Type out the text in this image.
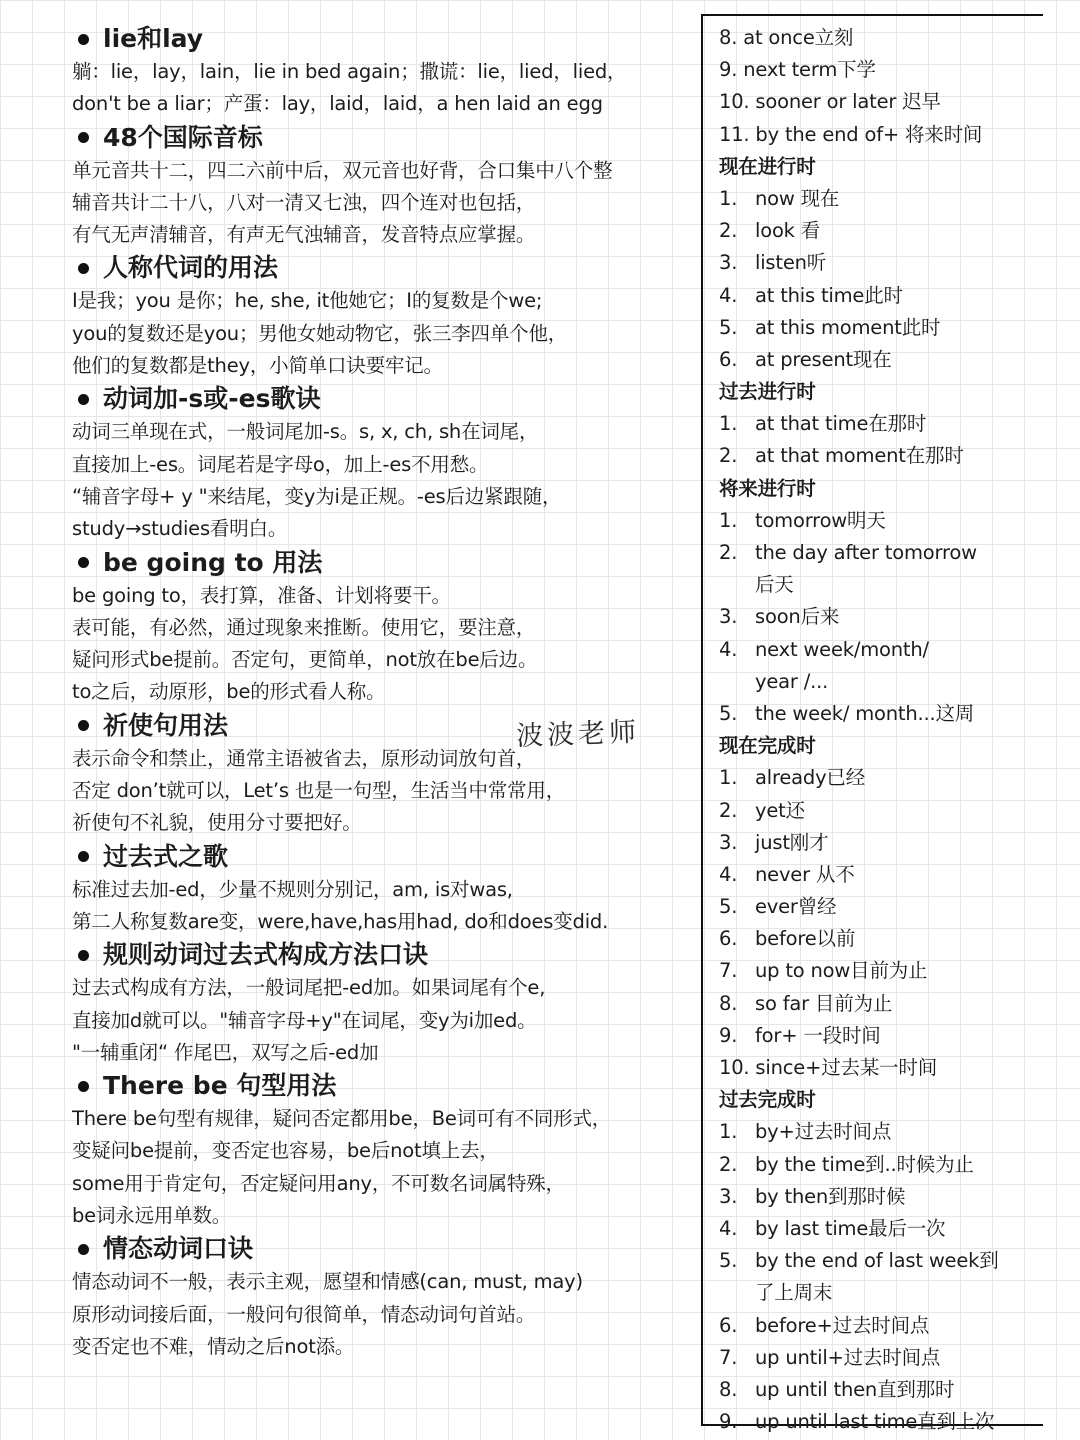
lie和lay
躺：lie，lay，lain，lie in bed again；撒谎：lie，lied，lied，
don't be a liar；产蛋：lay，laid，laid，a hen laid an egg
48个国际音标
单元音共十二，四二六前中后，双元音也好背，合口集中八个整
辅音共计二十八，八对一清又七浊，四个连对也包括，
有气无声清辅音，有声无气浊辅音，发音特点应掌握。
人称代词的用法
I是我；you 是你；he, she, it他她它；I的复数是个we;
you的复数还是you；男他女她动物它，张三李四单个他，
他们的复数都是they，小简单口诀要牢记。
动词加-s或-es歌诀
动词三单现在式，一般词尾加-s。s, x, ch, sh在词尾，
直接加上-es。词尾若是字母o，加上-es不用愁。
“辅音字母+ y "来结尾，变y为i是正规。-es后边紧跟随，
study→studies看明白。
be going to 用法
be going to，表打算，准备、计划将要干。
表可能，有必然，通过现象来推断。使用它，要注意，
疑问形式be提前。否定句，更简单，not放在be后边。
to之后，动原形，be的形式看人称。
祈使句用法
表示命令和禁止，通常主语被省去，原形动词放句首，
否定 don’t就可以，Let’s 也是一句型，生活当中常常用，
祈使句不礼貌，使用分寸要把好。
过去式之歌
标准过去加-ed，少量不规则分别记，am, is对was,
第二人称复数are变，were,have,has用had, do和does变did.
规则动词过去式构成方法口诀
过去式构成有方法，一般词尾把-ed加。如果词尾有个e,
直接加d就可以。"辅音字母+y"在词尾，变y为i加ed。
"一辅重闭“ 作尾巴，双写之后-ed加
There be 句型用法
There be句型有规律，疑问否定都用be，Be词可有不同形式，
变疑问be提前，变否定也容易，be后not填上去，
some用于肯定句，否定疑问用any，不可数名词属特殊，
be词永远用单数。
情态动词口诀
情态动词不一般，表示主观，愿望和情感(can, must, may)
原形动词接后面，一般问句很简单，情态动词句首站。
变否定也不难，情动之后not添。
波波老师
8. at once立刻
9. next term下学
10. sooner or later 迟早
11. by the end of+ 将来时间
现在进行时
1. now 现在
2. look 看
3. listen听
4. at this time此时
5. at this moment此时
6. at present现在
过去进行时
1. at that time在那时
2. at that moment在那时
将来进行时
1. tomorrow明天
2. the day after tomorrow
后天
3. soon后来
4. next week/month/
year /...
5. the week/ month...这周
现在完成时
1. already已经
2. yet还
3. just刚才
4. never 从不
5. ever曾经
6. before以前
7. up to now目前为止
8. so far 目前为止
9. for+ 一段时间
10. since+过去某一时间
过去完成时
1. by+过去时间点
2. by the time到..时候为止
3. by then到那时候
4. by last time最后一次
5. by the end of last week到
了上周末
6. before+过去时间点
7. up until+过去时间点
8. up until then直到那时
9. up until last time直到上次
